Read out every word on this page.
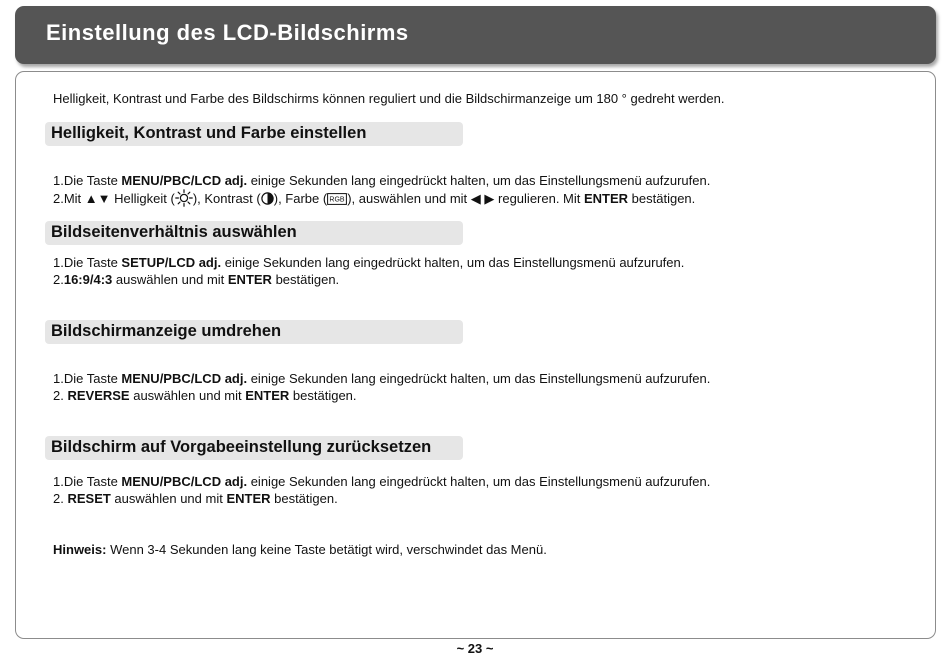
Einstellung des LCD-Bildschirms
Helligkeit, Kontrast und Farbe des Bildschirms können reguliert und die Bildschirmanzeige um 180 ° gedreht werden.
Helligkeit, Kontrast und Farbe einstellen
1.Die Taste MENU/PBC/LCD adj. einige Sekunden lang eingedrückt halten, um das Einstellungsmenü aufzurufen.
2.Mit ▲▼ Helligkeit ( ), Kontrast ( ), Farbe ( RGB ), auswählen und mit ◀ ▶ regulieren. Mit ENTER bestätigen.
Bildseitenverhältnis auswählen
1.Die Taste SETUP/LCD adj. einige Sekunden lang eingedrückt halten, um das Einstellungsmenü aufzurufen.
2.16:9/4:3 auswählen und mit ENTER bestätigen.
Bildschirmanzeige umdrehen
1.Die Taste MENU/PBC/LCD adj. einige Sekunden lang eingedrückt halten, um das Einstellungsmenü aufzurufen.
2. REVERSE auswählen und mit ENTER bestätigen.
Bildschirm auf Vorgabeeinstellung zurücksetzen
1.Die Taste MENU/PBC/LCD adj. einige Sekunden lang eingedrückt halten, um das Einstellungsmenü aufzurufen.
2. RESET auswählen und mit ENTER bestätigen.
Hinweis: Wenn 3-4 Sekunden lang keine Taste betätigt wird, verschwindet das Menü.
~ 23 ~
